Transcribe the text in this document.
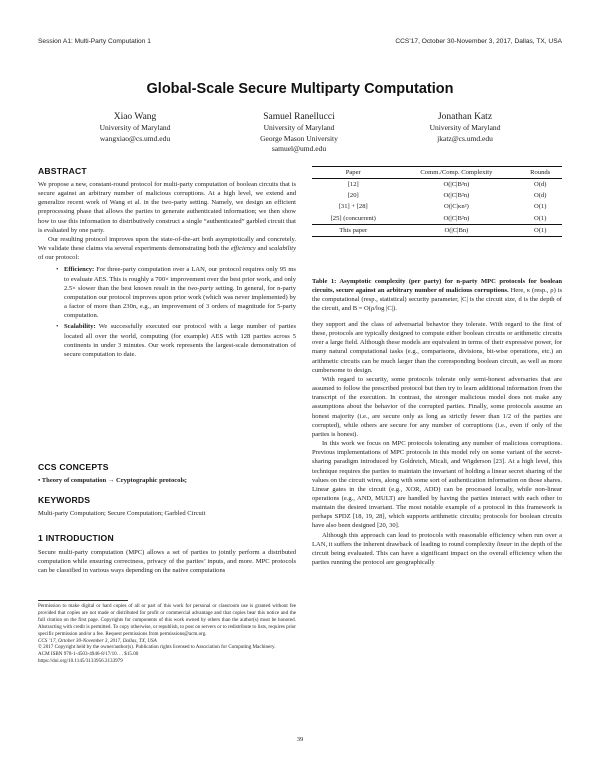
Session A1: Multi-Party Computation 1	CCS’17, October 30-November 3, 2017, Dallas, TX, USA
Global-Scale Secure Multiparty Computation
Xiao Wang
University of Maryland
wangxiao@cs.umd.edu
Samuel Ranellucci
University of Maryland
George Mason University
samuel@umd.edu
Jonathan Katz
University of Maryland
jkatz@cs.umd.edu
ABSTRACT

We propose a new, constant-round protocol for multi-party computation of boolean circuits that is secure against an arbitrary number of malicious corruptions. At a high level, we extend and generalize recent work of Wang et al. in the two-party setting. Namely, we design an efficient preprocessing phase that allows the parties to generate authenticated information; we then show how to use this information to distributively construct a single “authenticated” garbled circuit that is evaluated by one party.

Our resulting protocol improves upon the state-of-the-art both asymptotically and concretely. We validate these claims via several experiments demonstrating both the efficiency and scalability of our protocol:

• Efficiency: For three-party computation over a LAN, our protocol requires only 95 ms to evaluate AES. This is roughly a 700× improvement over the best prior work, and only 2.5× slower than the best known result in the two-party setting. In general, for n-party computation our protocol improves upon prior work (which was never implemented) by a factor of more than 230n, e.g., an improvement of 3 orders of magnitude for 5-party computation.
• Scalability: We successfully executed our protocol with a large number of parties located all over the world, computing (for example) AES with 128 parties across 5 continents in under 3 minutes. Our work represents the largest-scale demonstration of secure computation to date.
CCS CONCEPTS
• Theory of computation → Cryptographic protocols;
KEYWORDS
Multi-party Computation; Secure Computation; Garbled Circuit
1 INTRODUCTION
Secure multi-party computation (MPC) allows a set of parties to jointly perform a distributed computation while ensuring correctness, privacy of the parties’ inputs, and more. MPC protocols can be classified in various ways depending on the native computations

Permission to make digital or hard copies of all or part of this work for personal or classroom use is granted without fee provided that copies are not made or distributed for profit or commercial advantage and that copies bear this notice and the full citation on the first page. Copyrights for components of this work owned by others than the author(s) must be honored. Abstracting with credit is permitted. To copy otherwise, or republish, to post on servers or to redistribute to lists, requires prior specific permission and/or a fee. Request permissions from permissions@acm.org.

CCS ’17, October 30-November 3, 2017, Dallas, TX, USA

© 2017 Copyright held by the owner/author(s). Publication rights licensed to Association for Computing Machinery.

ACM ISBN 978-1-4503-4946-8/17/10. . . $15.00

https://doi.org/10.1145/3133956.3133979

Paper	Comm./Comp. Complexity	Rounds
[12]	O(|C|B³n)	O(d)
[20]	O(|C|B²n)	O(d)
[31] + [28]	O(|C|κn²)	O(1)
[25] (concurrent)	O(|C|B²n)	O(1)
This paper	O(|C|Bn)	O(1)
Table 1: Asymptotic complexity (per party) for n-party MPC protocols for boolean circuits, secure against an arbitrary number of malicious corruptions. Here, κ (resp., ρ) is the computational (resp., statistical) security parameter, |C| is the circuit size, d is the depth of the circuit, and B = O(ρ/log |C|).

they support and the class of adversarial behavior they tolerate. With regard to the first of these, protocols are typically designed to compute either boolean circuits or arithmetic circuits over a large field. Although these models are equivalent in terms of their expressive power, for many natural computational tasks (e.g., comparisons, divisions, bit-wise operations, etc.) an arithmetic circuits can be much larger than the corresponding boolean circuit, as well as more cumbersome to design.

With regard to security, some protocols tolerate only semi-honest adversaries that are assumed to follow the prescribed protocol but then try to learn additional information from the transcript of the execution. In contrast, the stronger malicious model does not make any assumptions about the behavior of the corrupted parties. Finally, some protocols assume an honest majority (i.e., are secure only as long as strictly fewer than 1/2 of the parties are corrupted), while others are secure for any number of corruptions (i.e., even if only of the parties is honest).

In this work we focus on MPC protocols tolerating any number of malicious corruptions. Previous implementations of MPC protocols in this model rely on some variant of the secret-sharing paradigm introduced by Goldreich, Micali, and Wigderson [23]. At a high level, this technique requires the parties to maintain the invariant of holding a linear secret sharing of the values on the circuit wires, along with some sort of authentication information on those shares. Linear gates in the circuit (e.g., XOR, ADD) can be processed locally, while non-linear operations (e.g., AND, MULT) are handled by having the parties interact with each other to maintain the desired invariant. The most notable example of a protocol in this framework is perhaps SPDZ [18, 19, 28], which supports arithmetic circuits; protocols for boolean circuits have also been designed [20, 30].

Although this approach can lead to protocols with reasonable efficiency when run over a LAN, it suffers the inherent drawback of leading to round complexity linear in the depth of the circuit being evaluated. This can have a significant impact on the overall efficiency when the parties running the protocol are geographically

39
